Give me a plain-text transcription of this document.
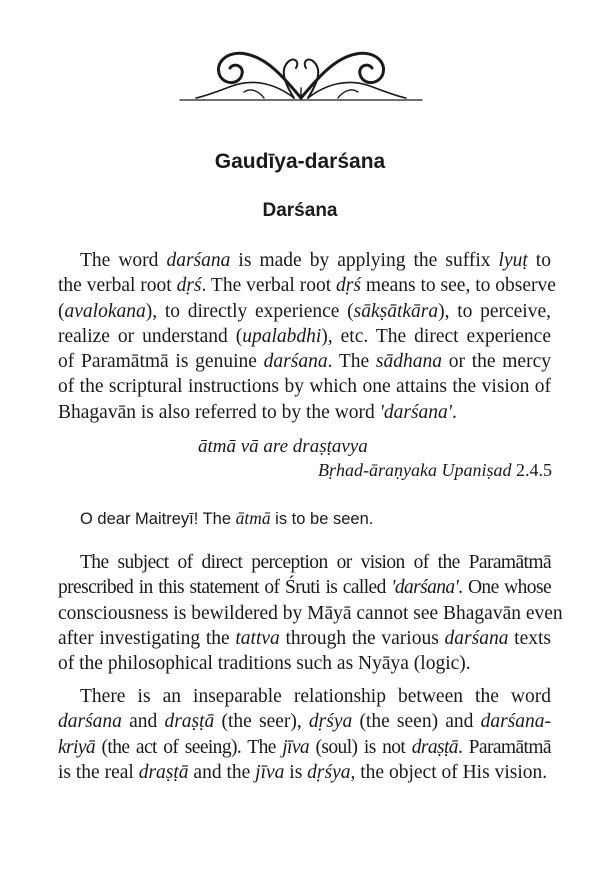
Gaudīya-darśana
Darśana
The word darśana is made by applying the suffix lyuṭ to
the verbal root dṛś. The verbal root dṛś means to see, to observe
(avalokana), to directly experience (sākṣātkāra), to perceive,
realize or understand (upalabdhi), etc. The direct experience
of Paramātmā is genuine darśana. The sādhana or the mercy
of the scriptural instructions by which one attains the vision of
Bhagavān is also referred to by the word 'darśana'.
ātmā vā are draṣṭavya
Bṛhad-āraṇyaka Upaniṣad 2.4.5
O dear Maitreyī! The ātmā is to be seen.
The subject of direct perception or vision of the Paramātmā
prescribed in this statement of Śruti is called 'darśana'. One whose
consciousness is bewildered by Māyā cannot see Bhagavān even
after investigating the tattva through the various darśana texts
of the philosophical traditions such as Nyāya (logic).
There is an inseparable relationship between the word
darśana and draṣṭā (the seer), dṛśya (the seen) and darśana-
kriyā (the act of seeing). The jīva (soul) is not draṣṭā. Paramātmā
is the real draṣṭā and the jīva is dṛśya, the object of His vision.
